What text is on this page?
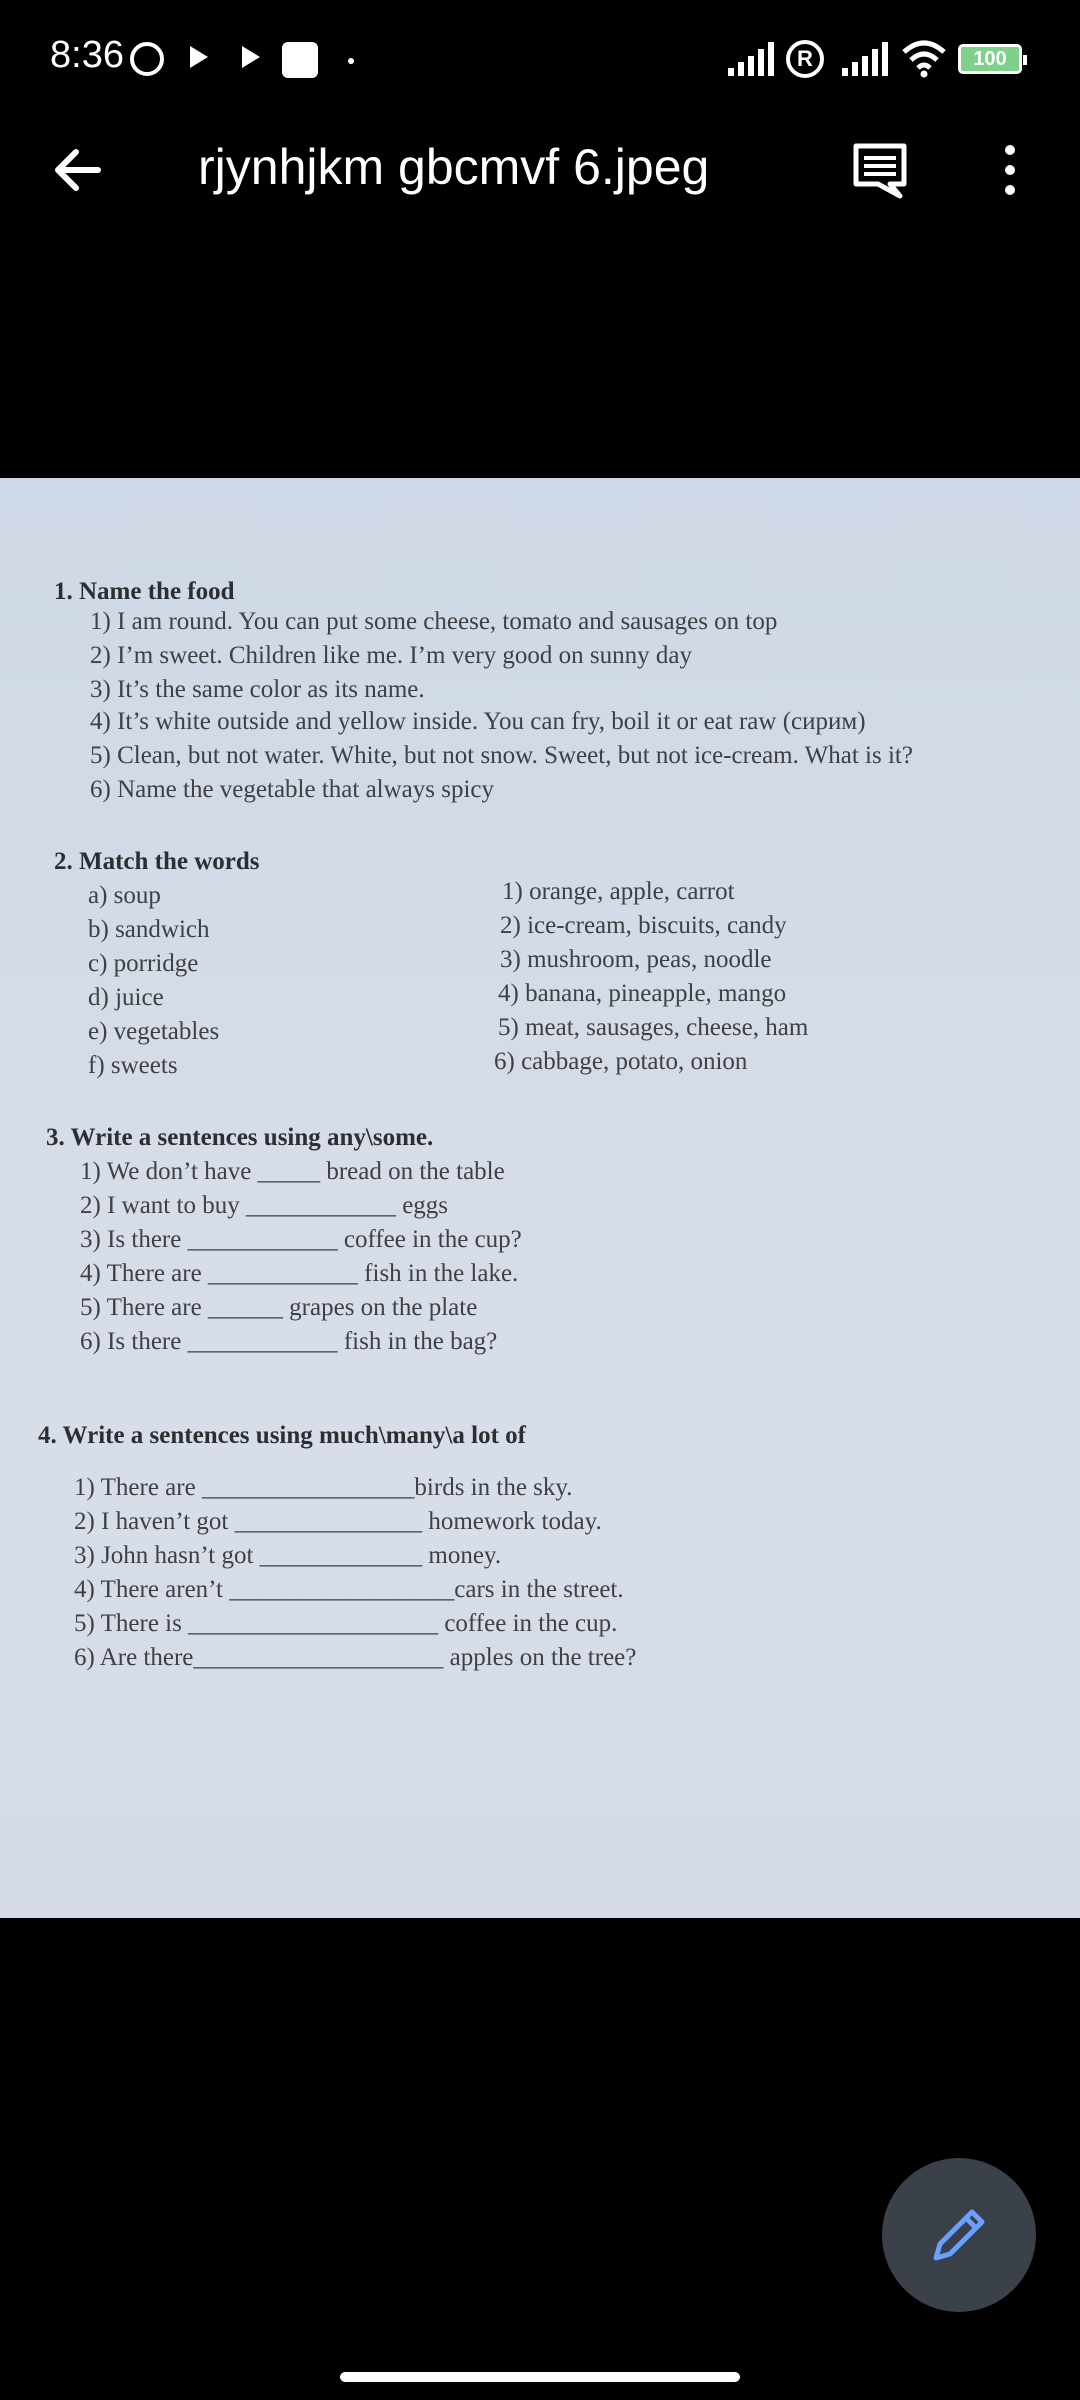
8:36	R	100
rjynhjkm gbcmvf 6.jpeg
1. Name the food
1) I am round. You can put some cheese, tomato and sausages on top
2) I’m sweet. Children like me. I’m very good on sunny day
3) It’s the same color as its name.
4) It’s white outside and yellow inside. You can fry, boil it or eat raw (сирим)
5) Clean, but not water. White, but not snow. Sweet, but not ice-cream. What is it?
6) Name the vegetable that always spicy
2. Match the words
a) soup
b) sandwich
c) porridge
d) juice
e) vegetables
f) sweets
1) orange, apple, carrot
2) ice-cream, biscuits, candy
3) mushroom, peas, noodle
4) banana, pineapple, mango
5) meat, sausages, cheese, ham
6) cabbage, potato, onion
3. Write a sentences using any\some.
1) We don’t have _____ bread on the table
2) I want to buy ____________ eggs
3) Is there ____________ coffee in the cup?
4) There are ____________ fish in the lake.
5) There are ______ grapes on the plate
6) Is there ____________ fish in the bag?
4. Write a sentences using much\many\a lot of
1) There are _________________birds in the sky.
2) I haven’t got _______________ homework today.
3) John hasn’t got _____________ money.
4) There aren’t __________________cars in the street.
5) There is ____________________ coffee in the cup.
6) Are there____________________ apples on the tree?
